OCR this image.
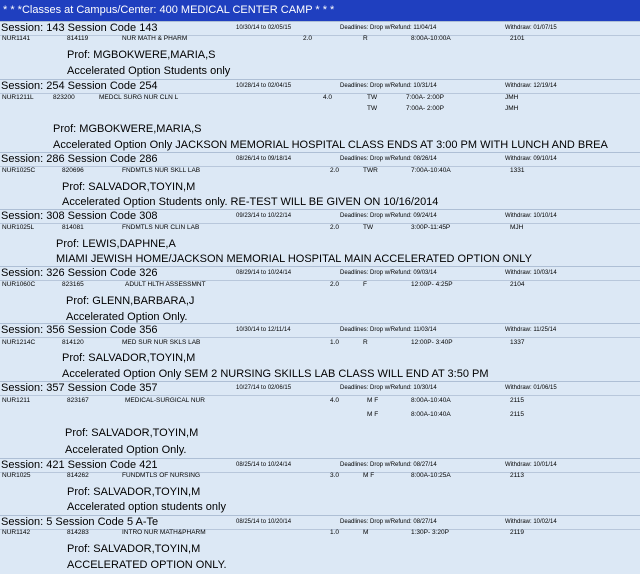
* * *Classes at Campus/Center: 400 MEDICAL CENTER CAMP * * *
Session: 143 Session Code 143	10/30/14 to 02/05/15	Deadlines: Drop w/Refund: 11/04/14	Withdraw: 01/07/15
NUR1141	814119	NUR MATH & PHARM	2.0	R	8:00A-10:00A	2101
Prof: MGBOKWERE,MARIA,S
Accelerated Option Students only
Session: 254 Session Code 254	10/28/14 to 02/04/15	Deadlines: Drop w/Refund: 10/31/14	Withdraw: 12/19/14
NUR1211L	823200	MEDCL SURG NUR CLN L	4.0	TW	7:00A- 2:00P	JMH
TW	7:00A- 2:00P	JMH
Prof: MGBOKWERE,MARIA,S
Accelerated Option Only JACKSON MEMORIAL HOSPITAL CLASS ENDS AT 3:00 PM WITH LUNCH AND BREA
Session: 286 Session Code 286	08/26/14 to 09/18/14	Deadlines: Drop w/Refund: 08/26/14	Withdraw: 09/10/14
NUR1025C	820696	FNDMTLS NUR SKLL LAB	2.0	TWR	7:00A-10:40A	1331
Prof: SALVADOR,TOYIN,M
Accelerated Option Students only. RE-TEST WILL BE GIVEN ON 10/16/2014
Session: 308 Session Code 308	09/23/14 to 10/22/14	Deadlines: Drop w/Refund: 09/24/14	Withdraw: 10/10/14
NUR1025L	814081	FNDMTLS NUR CLIN LAB	2.0	TW	3:00P-11:45P	MJH
Prof: LEWIS,DAPHNE,A
MIAMI JEWISH HOME/JACKSON MEMORIAL HOSPITAL MAIN ACCELERATED OPTION ONLY
Session: 326 Session Code 326	08/29/14 to 10/24/14	Deadlines: Drop w/Refund: 09/03/14	Withdraw: 10/03/14
NUR1060C	823165	ADULT HLTH ASSESSMNT	2.0	F	12:00P- 4:25P	2104
Prof: GLENN,BARBARA,J
Accelerated Option Only.
Session: 356 Session Code 356	10/30/14 to 12/11/14	Deadlines: Drop w/Refund: 11/03/14	Withdraw: 11/25/14
NUR1214C	814120	MED SUR NUR SKLS LAB	1.0	R	12:00P- 3:40P	1337
Prof: SALVADOR,TOYIN,M
Accelerated Option Only SEM 2 NURSING SKILLS LAB CLASS WILL END AT 3:50 PM
Session: 357 Session Code 357	10/27/14 to 02/06/15	Deadlines: Drop w/Refund: 10/30/14	Withdraw: 01/06/15
NUR1211	823167	MEDICAL-SURGICAL NUR	4.0	M F	8:00A-10:40A	2115
M F	8:00A-10:40A	2115
Prof: SALVADOR,TOYIN,M
Accelerated Option Only.
Session: 421 Session Code 421	08/25/14 to 10/24/14	Deadlines: Drop w/Refund: 08/27/14	Withdraw: 10/01/14
NUR1025	814262	FUNDMTLS OF NURSING	3.0	M F	8:00A-10:25A	2113
Prof: SALVADOR,TOYIN,M
Accelerated option students only
Session: 5 Session Code 5 A-Te	08/25/14 to 10/20/14	Deadlines: Drop w/Refund: 08/27/14	Withdraw: 10/02/14
NUR1142	814283	INTRO NUR MATH&PHARM	1.0	M	1:30P- 3:20P	2119
Prof: SALVADOR,TOYIN,M
ACCELERATED OPTION ONLY.
